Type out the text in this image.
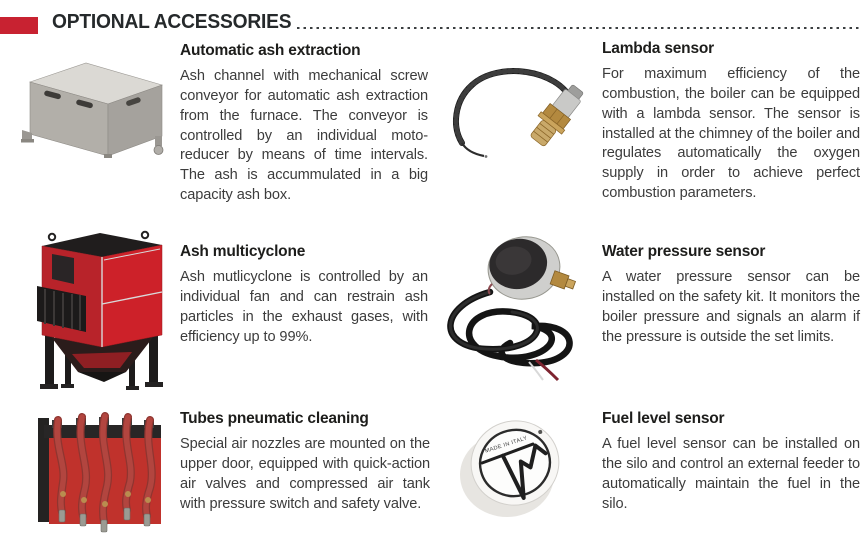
OPTIONAL ACCESSORIES
Automatic ash extraction

Ash channel with mechanical screw conveyor for automatic ash extraction from the furnace. The conveyor is controlled by an individual moto-reducer by means of time intervals. The ash is accummulated in a big capacity ash box.

Lambda sensor

For maximum efficiency of the combustion, the boiler can be equipped with a lambda sensor. The sensor is installed at the chimney of the boiler and regulates automatically the oxygen supply in order to achieve perfect combustion parameters.

Ash multicyclone

Ash mutlicyclone is controlled by an individual fan and can restrain ash particles in the exhaust gases, with efficiency up to 99%.

Water pressure sensor

A water pressure sensor can be installed on the safety kit. It monitors the boiler pressure and signals an alarm if the pressure is outside the set limits.

Tubes pneumatic cleaning

Special air nozzles are mounted on the upper door, equipped with quick-action air valves and compressed air tank with pressure switch and safety valve.

MADE IN ITALY
Fuel level sensor

A fuel level sensor can be installed on the silo and control an external feeder to automatically maintain the fuel in the silo.
